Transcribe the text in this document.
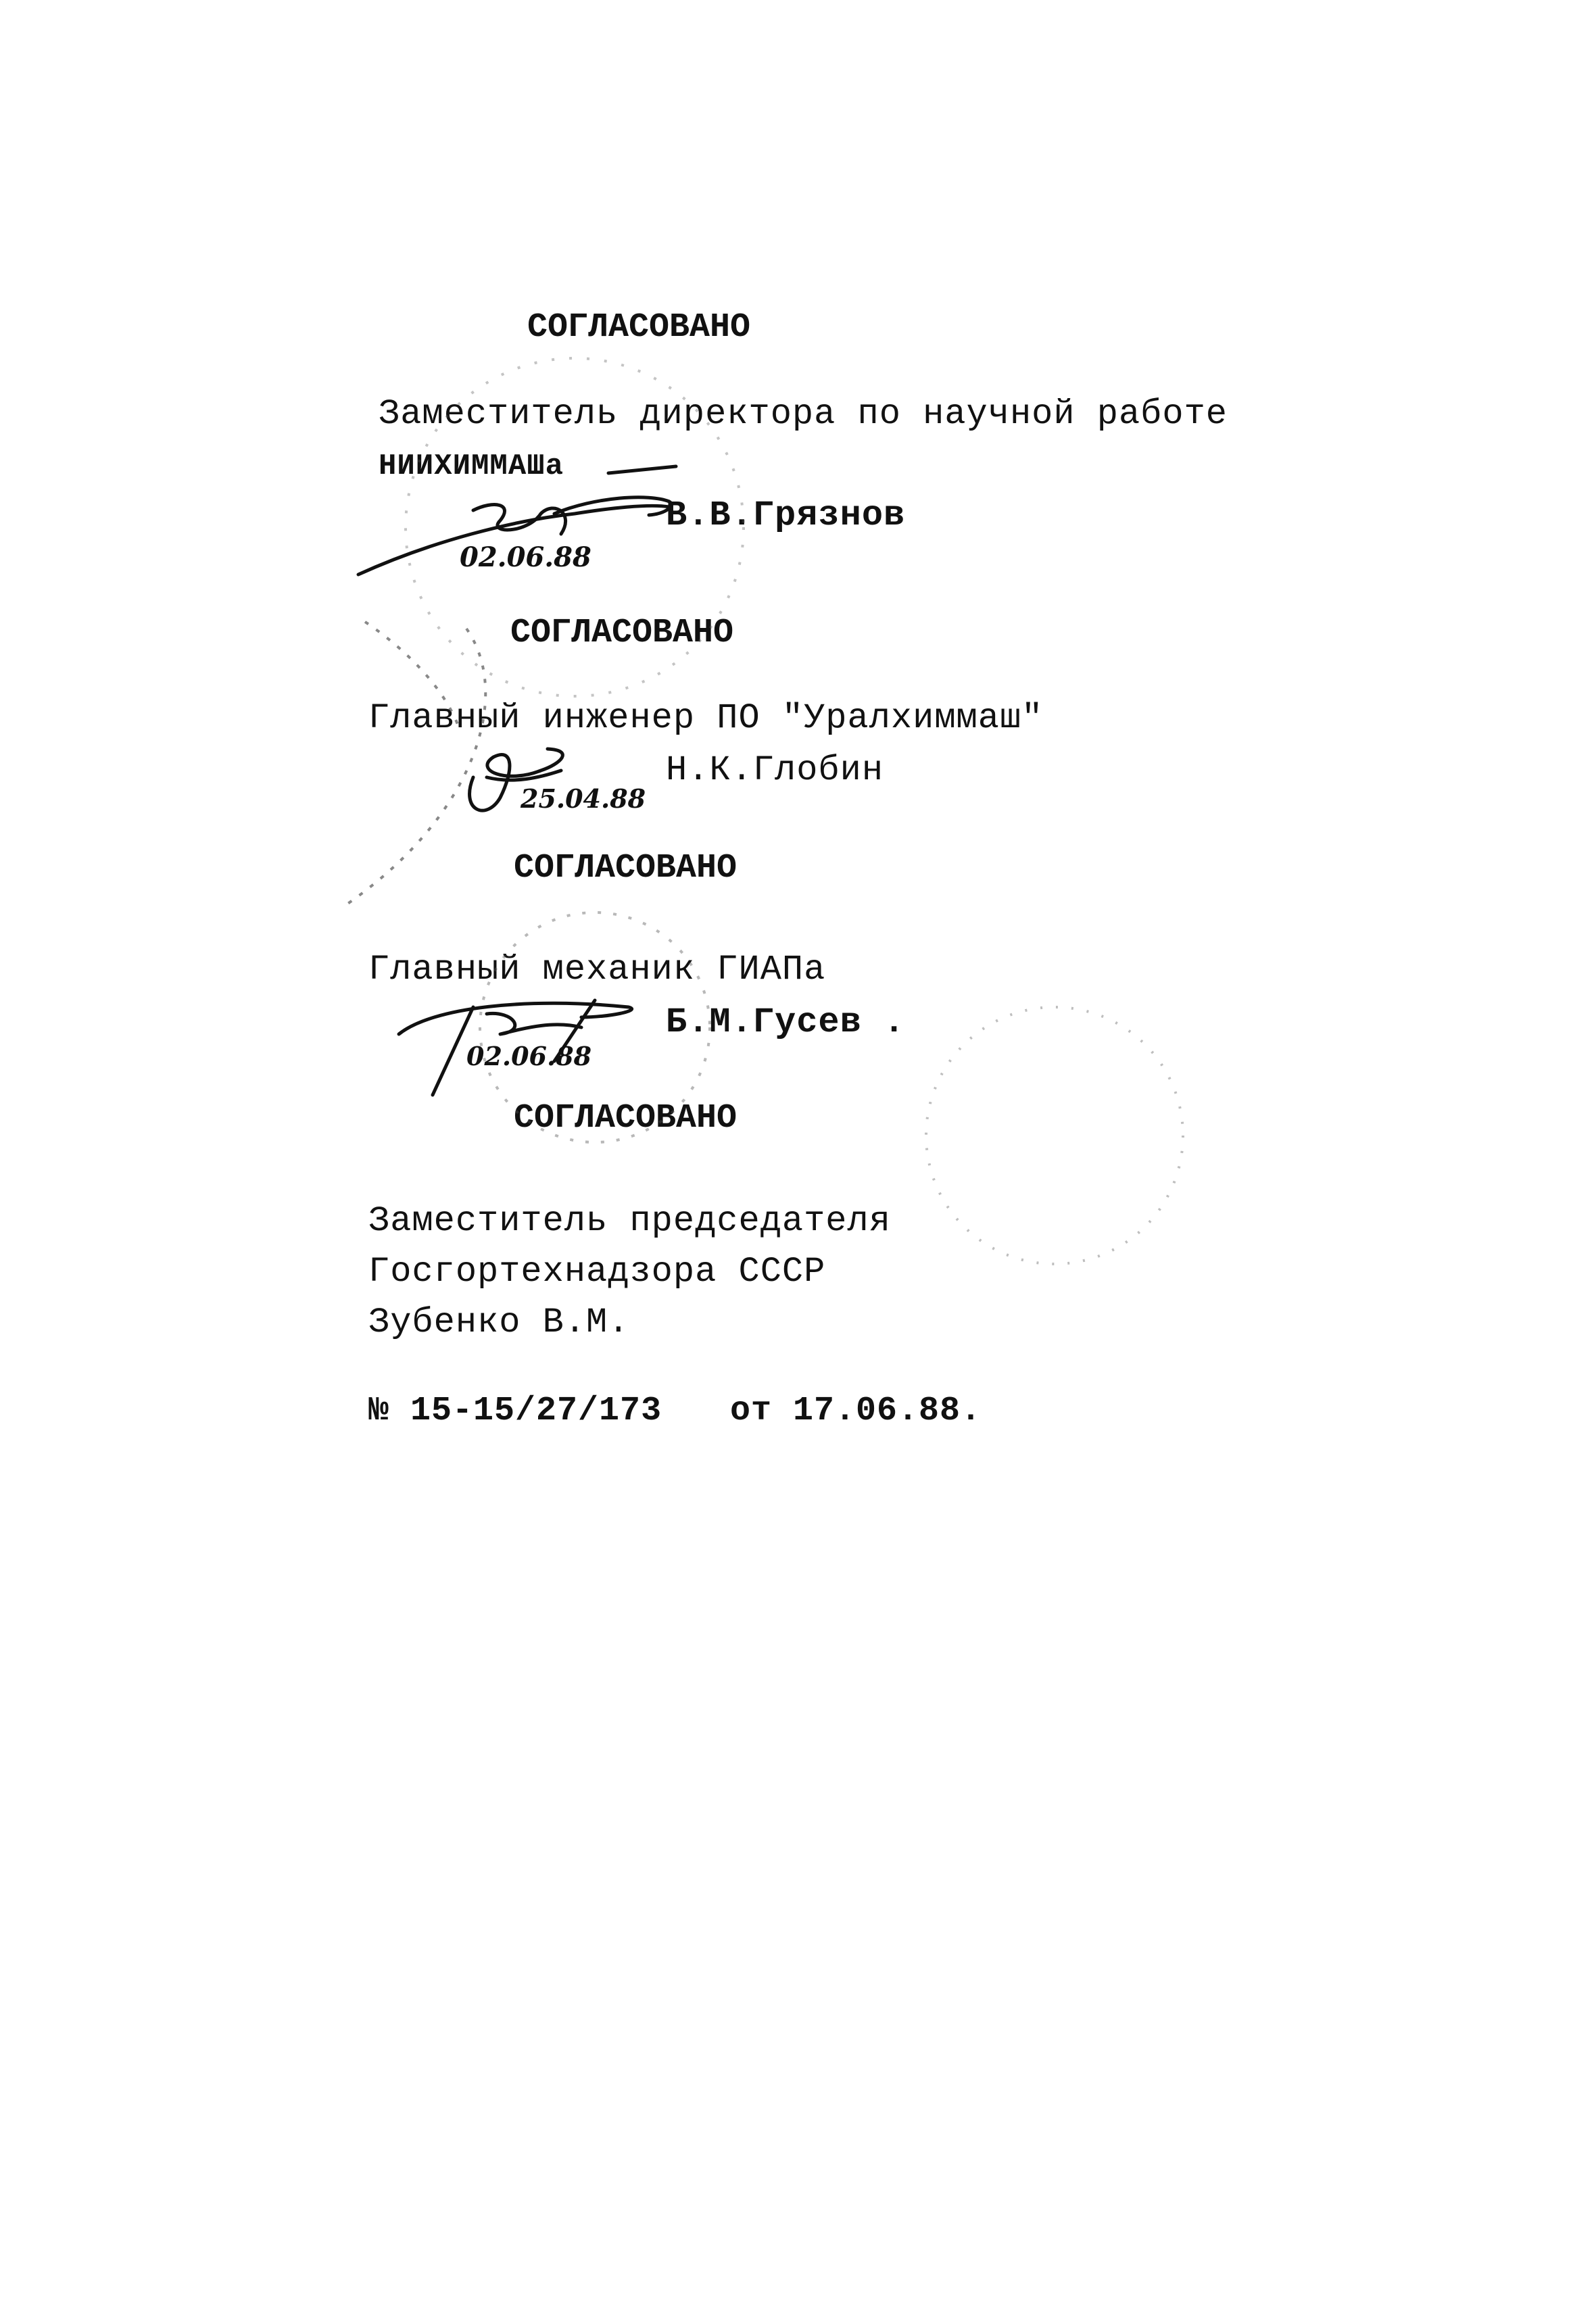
СОГЛАСОВАНО
Заместитель директора по научной работе
НИИХИММАШа
В.В.Грязнов
СОГЛАСОВАНО
Главный инженер ПО "Уралхиммаш"
Н.К.Глобин
СОГЛАСОВАНО
Главный механик ГИАПа
Б.М.Гусев .
СОГЛАСОВАНО
Заместитель председателя
Госгортехнадзора СССР
Зубенко В.М.
№ 15-15/27/173 от 17.06.88.
02.06.88
25.04.88
02.06.88
